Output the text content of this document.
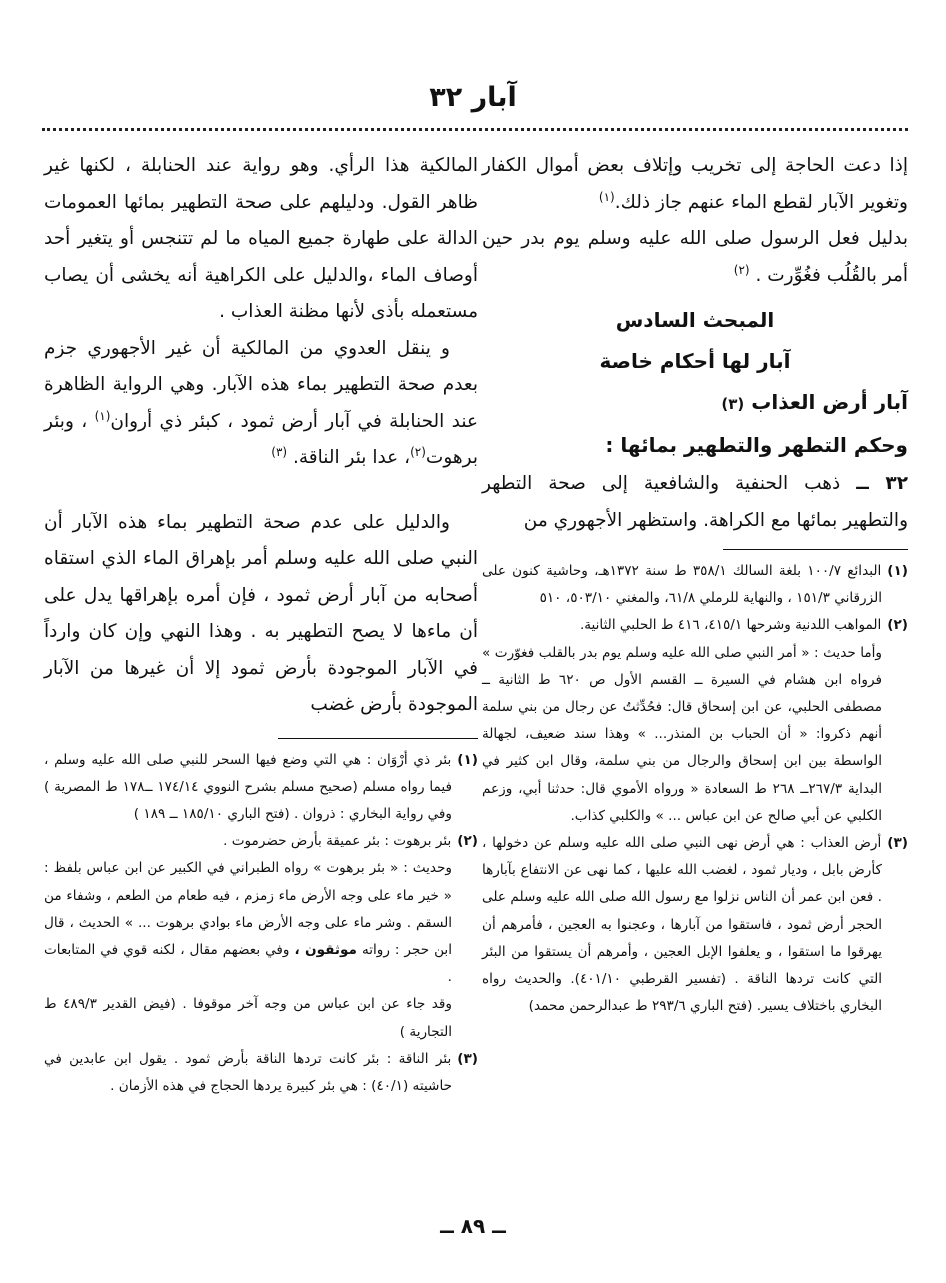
آبار ٣٢

إذا دعت الحاجة إلى تخريب وإتلاف بعض أموال الكفار وتغوير الآبار لقطع الماء عنهم جاز ذلك.$^{(١)}$

بدليل فعل الرسول صلى الله عليه وسلم يوم بدر حين أمر بالقُلُب فغُوِّرت . $^{(٢)}$

المبحث السادس
آبار لها أحكام خاصة
آبار أرض العذاب (٣)
وحكم التطهر والتطهير بمائها :

٣٢ ــ ذهب الحنفية والشافعية إلى صحة التطهر والتطهير بمائها مع الكراهة. واستظهر الأجهوري من

(١)البدائع ١٠٠/٧ بلغة السالك ٣٥٨/١ ط سنة ١٣٧٢هـ، وحاشية كنون على الزرقاني ١٥١/٣ ، والنهاية للرملي ٦١/٨، والمغني ٥٠٣/١٠، ٥١٠

(٢)المواهب اللدنية وشرحها ٤١٥/١، ٤١٦ ط الحلبي الثانية.
وأما حديث : « أمر النبي صلى الله عليه وسلم يوم بدر بالقلب فغوّرت » فرواه ابن هشام في السيرة ــ القسم الأول ص ٦٢٠ ط الثانية ــ مصطفى الحلبي، عن ابن إسحاق قال: فحُدِّثتُ عن رجال من بني سلمة أنهم ذكروا: « أن الحباب بن المنذر... » وهذا سند ضعيف، لجهالة الواسطة بين ابن إسحاق والرجال من بني سلمة، وقال ابن كثير في البداية ٢٦٧/٣ــ ٢٦٨ ط السعادة « ورواه الأموي قال: حدثنا أبي، وزعم الكلبي عن أبي صالح عن ابن عباس ... » والكلبي كذاب.

(٣)أرض العذاب : هي أرض نهى النبي صلى الله عليه وسلم عن دخولها ، كأرض بابل ، وديار ثمود ، لغضب الله عليها ، كما نهى عن الانتفاع بآبارها . فعن ابن عمر أن الناس نزلوا مع رسول الله صلى الله عليه وسلم على الحجر أرض ثمود ، فاستقوا من آبارها ، وعجنوا به العجين ، فأمرهم أن يهرقوا ما استقوا ، و يعلفوا الإبل العجين ، وأمرهم أن يستقوا من البئر التي كانت تردها الناقة . (تفسير القرطبي ٤٠١/١٠). والحديث رواه البخاري باختلاف يسير. (فتح الباري ٢٩٣/٦ ط عبدالرحمن محمد)

المالكية هذا الرأي. وهو رواية عند الحنابلة ، لكنها غير ظاهر القول. ودليلهم على صحة التطهير بمائها العمومات الدالة على طهارة جميع المياه ما لم تتنجس أو يتغير أحد أوصاف الماء ،والدليل على الكراهية أنه يخشى أن يصاب مستعمله بأذى لأنها مظنة العذاب .

و ينقل العدوي من المالكية أن غير الأجهوري جزم بعدم صحة التطهير بماء هذه الآبار. وهي الرواية الظاهرة عند الحنابلة في آبار أرض ثمود ، كبئر ذي أروان$^{(١)}$ ، وبئر برهوت$^{(٢)}$، عدا بئر الناقة. $^{(٣)}$

والدليل على عدم صحة التطهير بماء هذه الآبار أن النبي صلى الله عليه وسلم أمر بإهراق الماء الذي استقاه أصحابه من آبار أرض ثمود ، فإن أمره بإهراقها يدل على أن ماءها لا يصح التطهير به . وهذا النهي وإن كان وارداً في الآبار الموجودة بأرض ثمود إلا أن غيرها من الآبار الموجودة بأرض غضب

(١)بئر ذي أرْوَان : هي التي وضع فيها السحر للنبي صلى الله عليه وسلم ، فيما رواه مسلم (صحيح مسلم بشرح النووي ١٧٤/١٤ ــ١٧٨ ط المصرية ) وفي رواية البخاري : ذروان . (فتح الباري ١٨٥/١٠ ــ ١٨٩ )

(٢)بئر برهوت : بئر عميقة بأرض حضرموت .
وحديث : « بئر برهوت » رواه الطبراني في الكبير عن ابن عباس بلفظ : « خير ماء على وجه الأرض ماء زمزم ، فيه طعام من الطعم ، وشفاء من السقم . وشر ماء على وجه الأرض ماء بوادي برهوت ... » الحديث ، قال ابن حجر : رواته موثقون ، وفي بعضهم مقال ، لكنه قوي في المتابعات .
وقد جاء عن ابن عباس من وجه آخر موقوفا . (فيض القدير ٤٨٩/٣ ط التجارية )

(٣)بئر الناقة : بئر كانت تردها الناقة بأرض ثمود . يقول ابن عابدين في حاشيته (٤٠/١) : هي بئر كبيرة يردها الحجاج في هذه الأزمان .

ــ ٨٩ ــ
